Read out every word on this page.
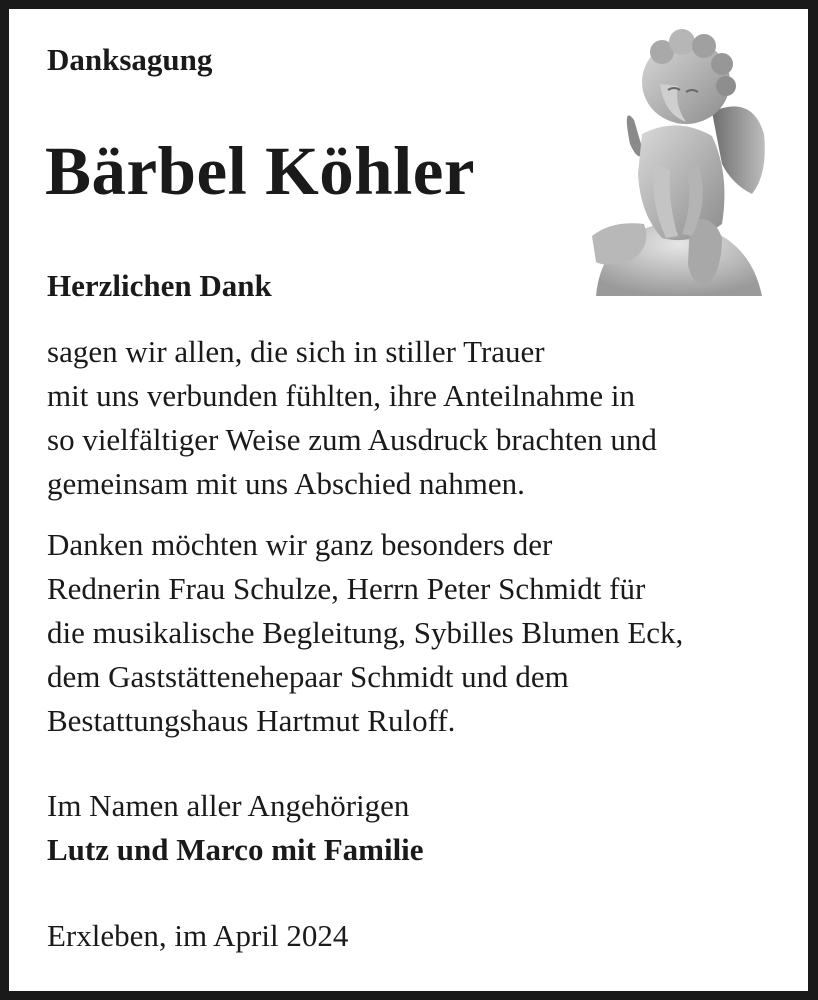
Danksagung
Bärbel Köhler
Herzlichen Dank

sagen wir allen, die sich in stiller Trauer
mit uns verbunden fühlten, ihre Anteilnahme in
so vielfältiger Weise zum Ausdruck brachten und
gemeinsam mit uns Abschied nahmen.

Danken möchten wir ganz besonders der
Rednerin Frau Schulze, Herrn Peter Schmidt für
die musikalische Begleitung, Sybilles Blumen Eck,
dem Gaststättenehepaar Schmidt und dem
Bestattungshaus Hartmut Ruloff.

Im Namen aller Angehörigen
Lutz und Marco mit Familie
Erxleben, im April 2024
